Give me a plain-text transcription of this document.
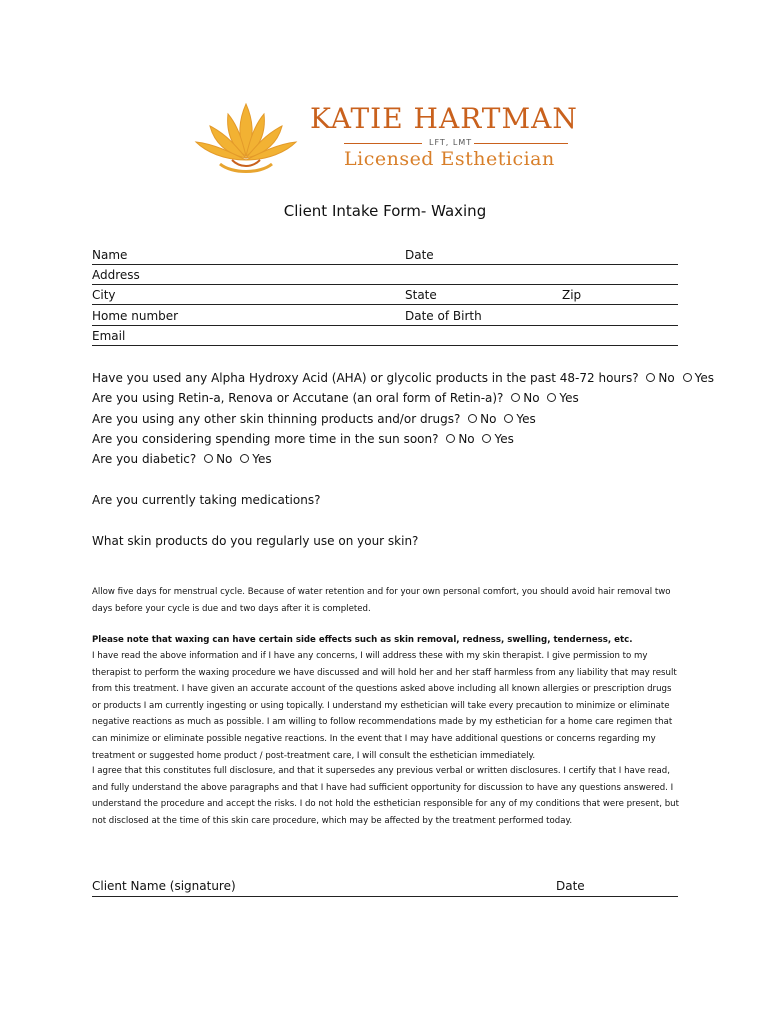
KATIE HARTMAN
LFT, LMT
Licensed Esthetician
Client Intake Form- Waxing
Name	Date
Address
City	State	Zip
Home number	Date of Birth
Email
Have you used any Alpha Hydroxy Acid (AHA) or glycolic products in the past 48-72 hours? No Yes
Are you using Retin-a, Renova or Accutane (an oral form of Retin-a)? No Yes
Are you using any other skin thinning products and/or drugs? No Yes
Are you considering spending more time in the sun soon? No Yes
Are you diabetic? No Yes
Are you currently taking medications?
What skin products do you regularly use on your skin?
Allow five days for menstrual cycle. Because of water retention and for your own personal comfort, you should avoid hair removal two days before your cycle is due and two days after it is completed.
Please note that waxing can have certain side effects such as skin removal, redness, swelling, tenderness, etc.
I have read the above information and if I have any concerns, I will address these with my skin therapist. I give permission to my therapist to perform the waxing procedure we have discussed and will hold her and her staff harmless from any liability that may result from this treatment. I have given an accurate account of the questions asked above including all known allergies or prescription drugs or products I am currently ingesting or using topically. I understand my esthetician will take every precaution to minimize or eliminate negative reactions as much as possible. I am willing to follow recommendations made by my esthetician for a home care regimen that can minimize or eliminate possible negative reactions. In the event that I may have additional questions or concerns regarding my treatment or suggested home product / post-treatment care, I will consult the esthetician immediately.
I agree that this constitutes full disclosure, and that it supersedes any previous verbal or written disclosures. I certify that I have read, and fully understand the above paragraphs and that I have had sufficient opportunity for discussion to have any questions answered. I understand the procedure and accept the risks. I do not hold the esthetician responsible for any of my conditions that were present, but not disclosed at the time of this skin care procedure, which may be affected by the treatment performed today.
Client Name (signature)	Date
